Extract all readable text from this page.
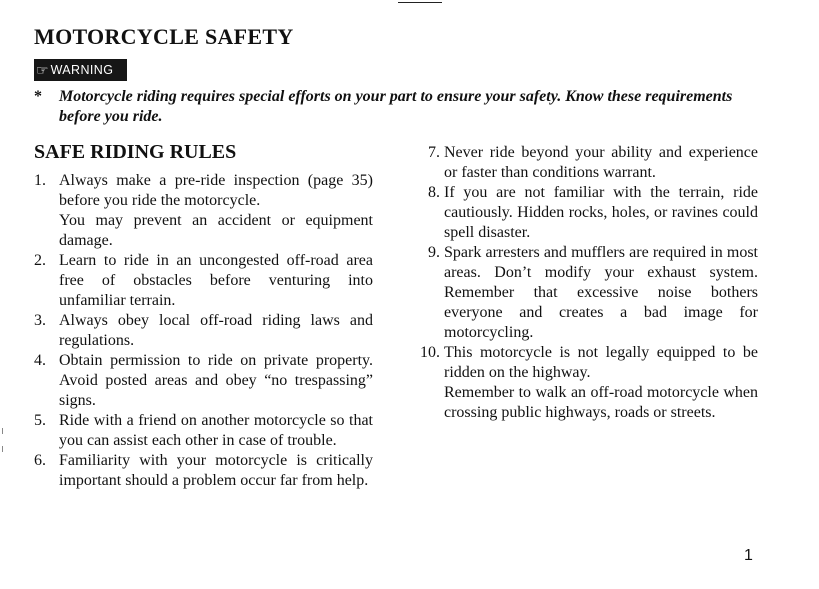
MOTORCYCLE SAFETY
☞ WARNING
* Motorcycle riding requires special efforts on your part to ensure your safety. Know these requirements before you ride.
SAFE RIDING RULES
1. Always make a pre-ride inspection (page 35) before you ride the motorcycle.

You may prevent an accident or equipment damage.

2. Learn to ride in an uncongested off-road area free of obstacles before venturing into unfamiliar terrain.

3. Always obey local off-road riding laws and regulations.

4. Obtain permission to ride on private property. Avoid posted areas and obey “no trespassing” signs.

5. Ride with a friend on another motorcycle so that you can assist each other in case of trouble.

6. Familiarity with your motorcycle is critically important should a problem occur far from help.

7. Never ride beyond your ability and experience or faster than conditions warrant.

8. If you are not familiar with the terrain, ride cautiously. Hidden rocks, holes, or ravines could spell disaster.

9. Spark arresters and mufflers are required in most areas. Don’t modify your exhaust system. Remember that excessive noise bothers everyone and creates a bad image for motorcycling.

10. This motorcycle is not legally equipped to be ridden on the highway.

Remember to walk an off-road motorcycle when crossing public highways, roads or streets.

1
